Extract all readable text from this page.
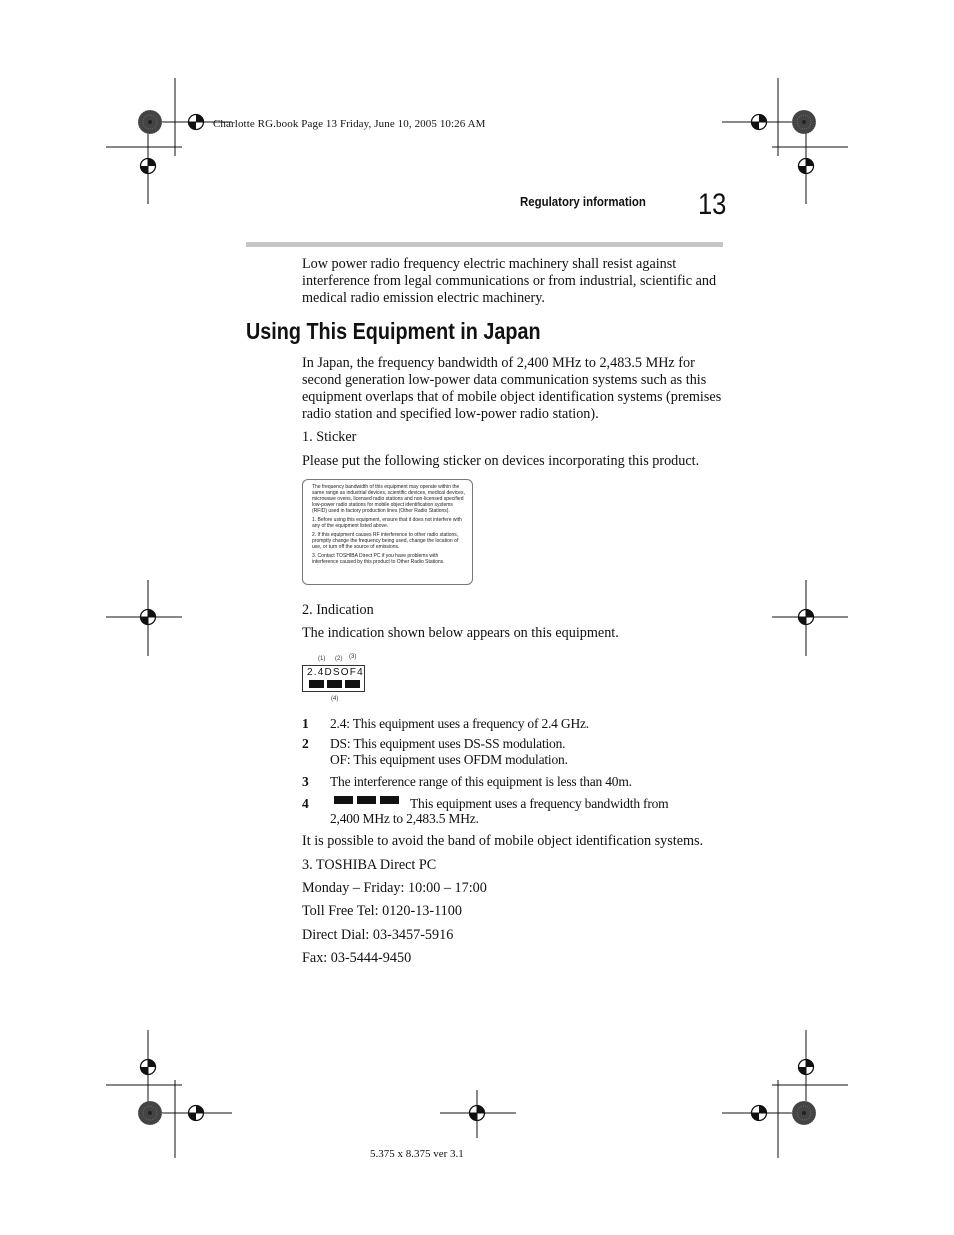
Charlotte RG.book Page 13 Friday, June 10, 2005 10:26 AM
Regulatory information 13
Low power radio frequency electric machinery shall resist against interference from legal communications or from industrial, scientific and medical radio emission electric machinery.
Using This Equipment in Japan
In Japan, the frequency bandwidth of 2,400 MHz to 2,483.5 MHz for second generation low-power data communication systems such as this equipment overlaps that of mobile object identification systems (premises radio station and specified low-power radio station).
1. Sticker
Please put the following sticker on devices incorporating this product.

The frequency bandwidth of this equipment may operate within the same range as industrial devices, scientific devices, medical devices, microwave ovens, licensed radio stations and non-licensed specified low-power radio stations for mobile object identification systems (RFID) used in factory production lines (Other Radio Stations).

1. Before using this equipment, ensure that it does not interfere with any of the equipment listed above.

2. If this equipment causes RF interference to other radio stations, promptly change the frequency being used, change the location of use, or turn off the source of emissions.

3. Contact TOSHIBA Direct PC if you have problems with interference caused by this product to Other Radio Stations.

2. Indication
The indication shown below appears on this equipment.
(1) (2) (3)
2.4DSOF4
(4)
1 2.4: This equipment uses a frequency of 2.4 GHz.
2 DS: This equipment uses DS-SS modulation.
OF: This equipment uses OFDM modulation.
3 The interference range of this equipment is less than 40m.
4	This equipment uses a frequency bandwidth from
2,400 MHz to 2,483.5 MHz.
It is possible to avoid the band of mobile object identification systems.
3. TOSHIBA Direct PC
Monday – Friday: 10:00 – 17:00
Toll Free Tel: 0120-13-1100
Direct Dial: 03-3457-5916
Fax: 03-5444-9450
5.375 x 8.375 ver 3.1
